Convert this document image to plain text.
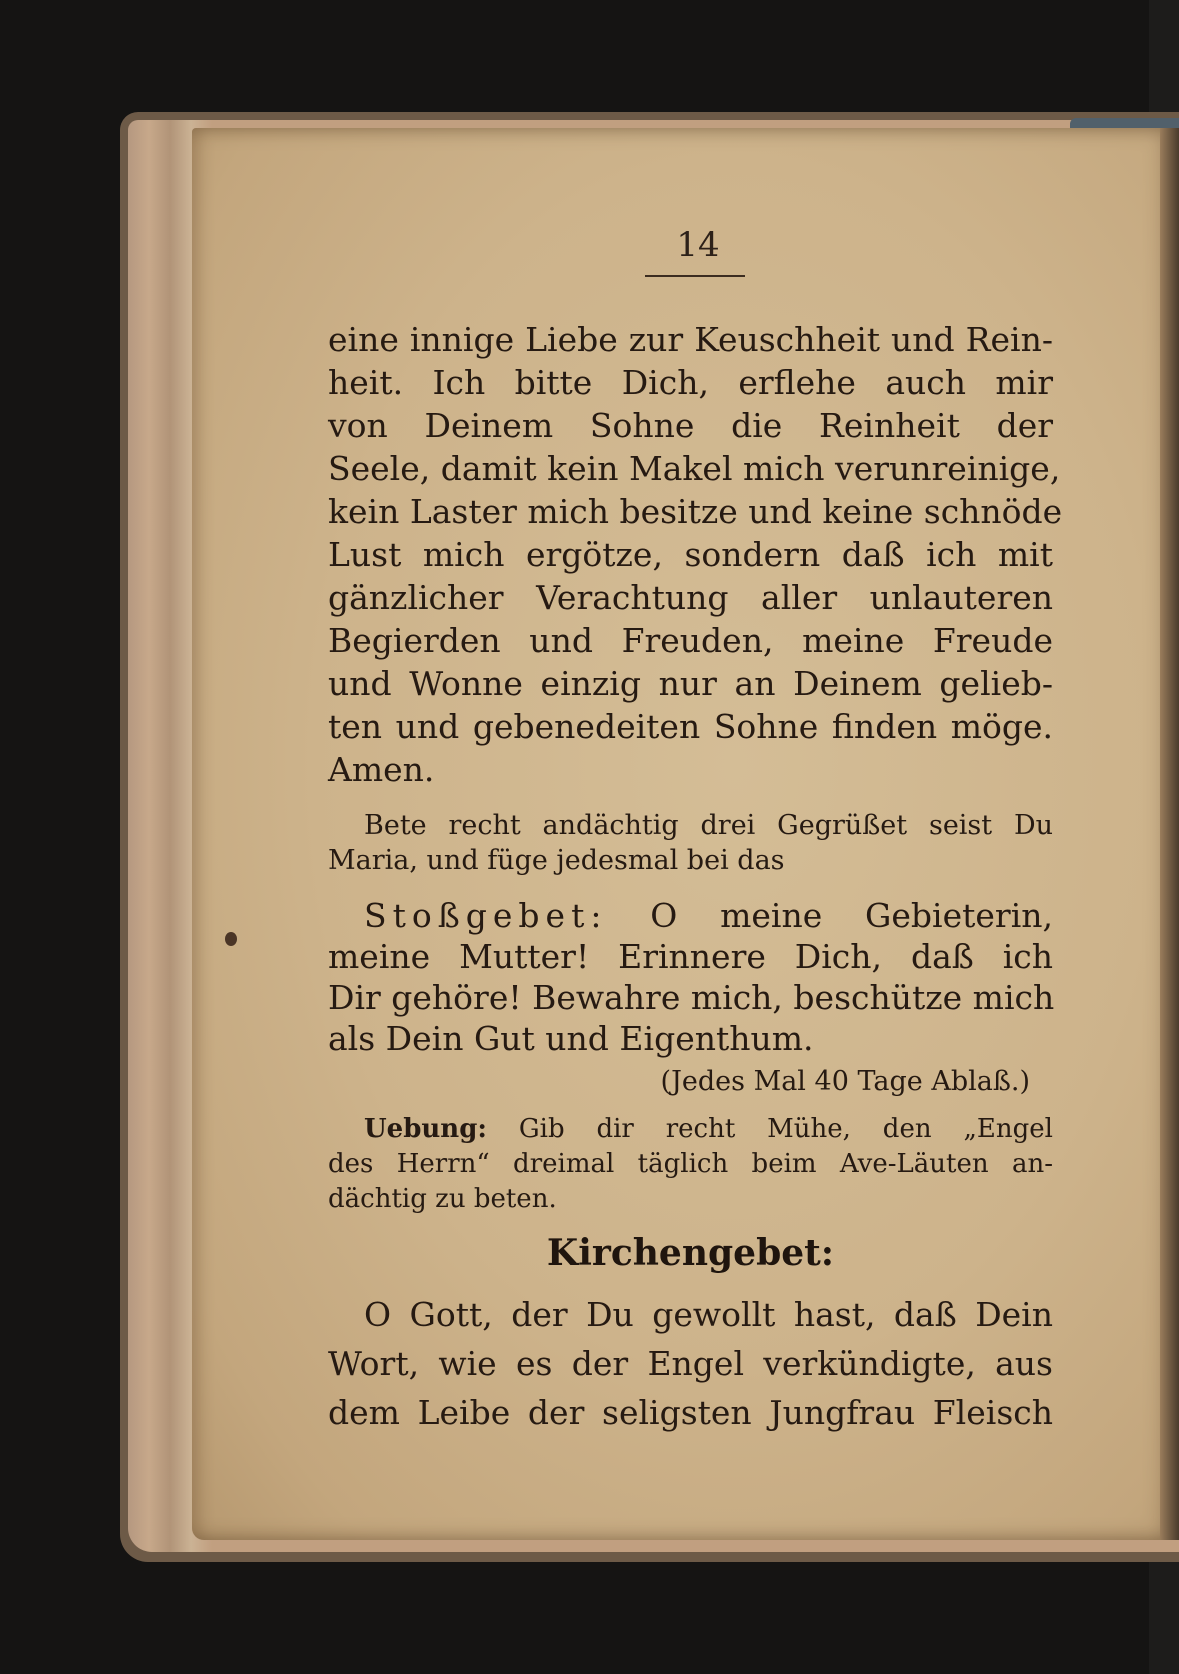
14
eine innige Liebe zur Keuschheit und Rein-
heit. Ich bitte Dich, erflehe auch mir
von Deinem Sohne die Reinheit der
Seele, damit kein Makel mich verunreinige,
kein Laster mich besitze und keine schnöde
Lust mich ergötze, sondern daß ich mit
gänzlicher Verachtung aller unlauteren
Begierden und Freuden, meine Freude
und Wonne einzig nur an Deinem gelieb-
ten und gebenedeiten Sohne finden möge.
Amen.
Bete recht andächtig drei Gegrüßet seist Du
Maria, und füge jedesmal bei das
Stoßgebet: O meine Gebieterin,
meine Mutter! Erinnere Dich, daß ich
Dir gehöre! Bewahre mich, beschütze mich
als Dein Gut und Eigenthum.
(Jedes Mal 40 Tage Ablaß.)
Uebung: Gib dir recht Mühe, den „Engel
des Herrn“ dreimal täglich beim Ave-Läuten an-
dächtig zu beten.
Kirchengebet:
O Gott, der Du gewollt hast, daß Dein
Wort, wie es der Engel verkündigte, aus
dem Leibe der seligsten Jungfrau Fleisch
